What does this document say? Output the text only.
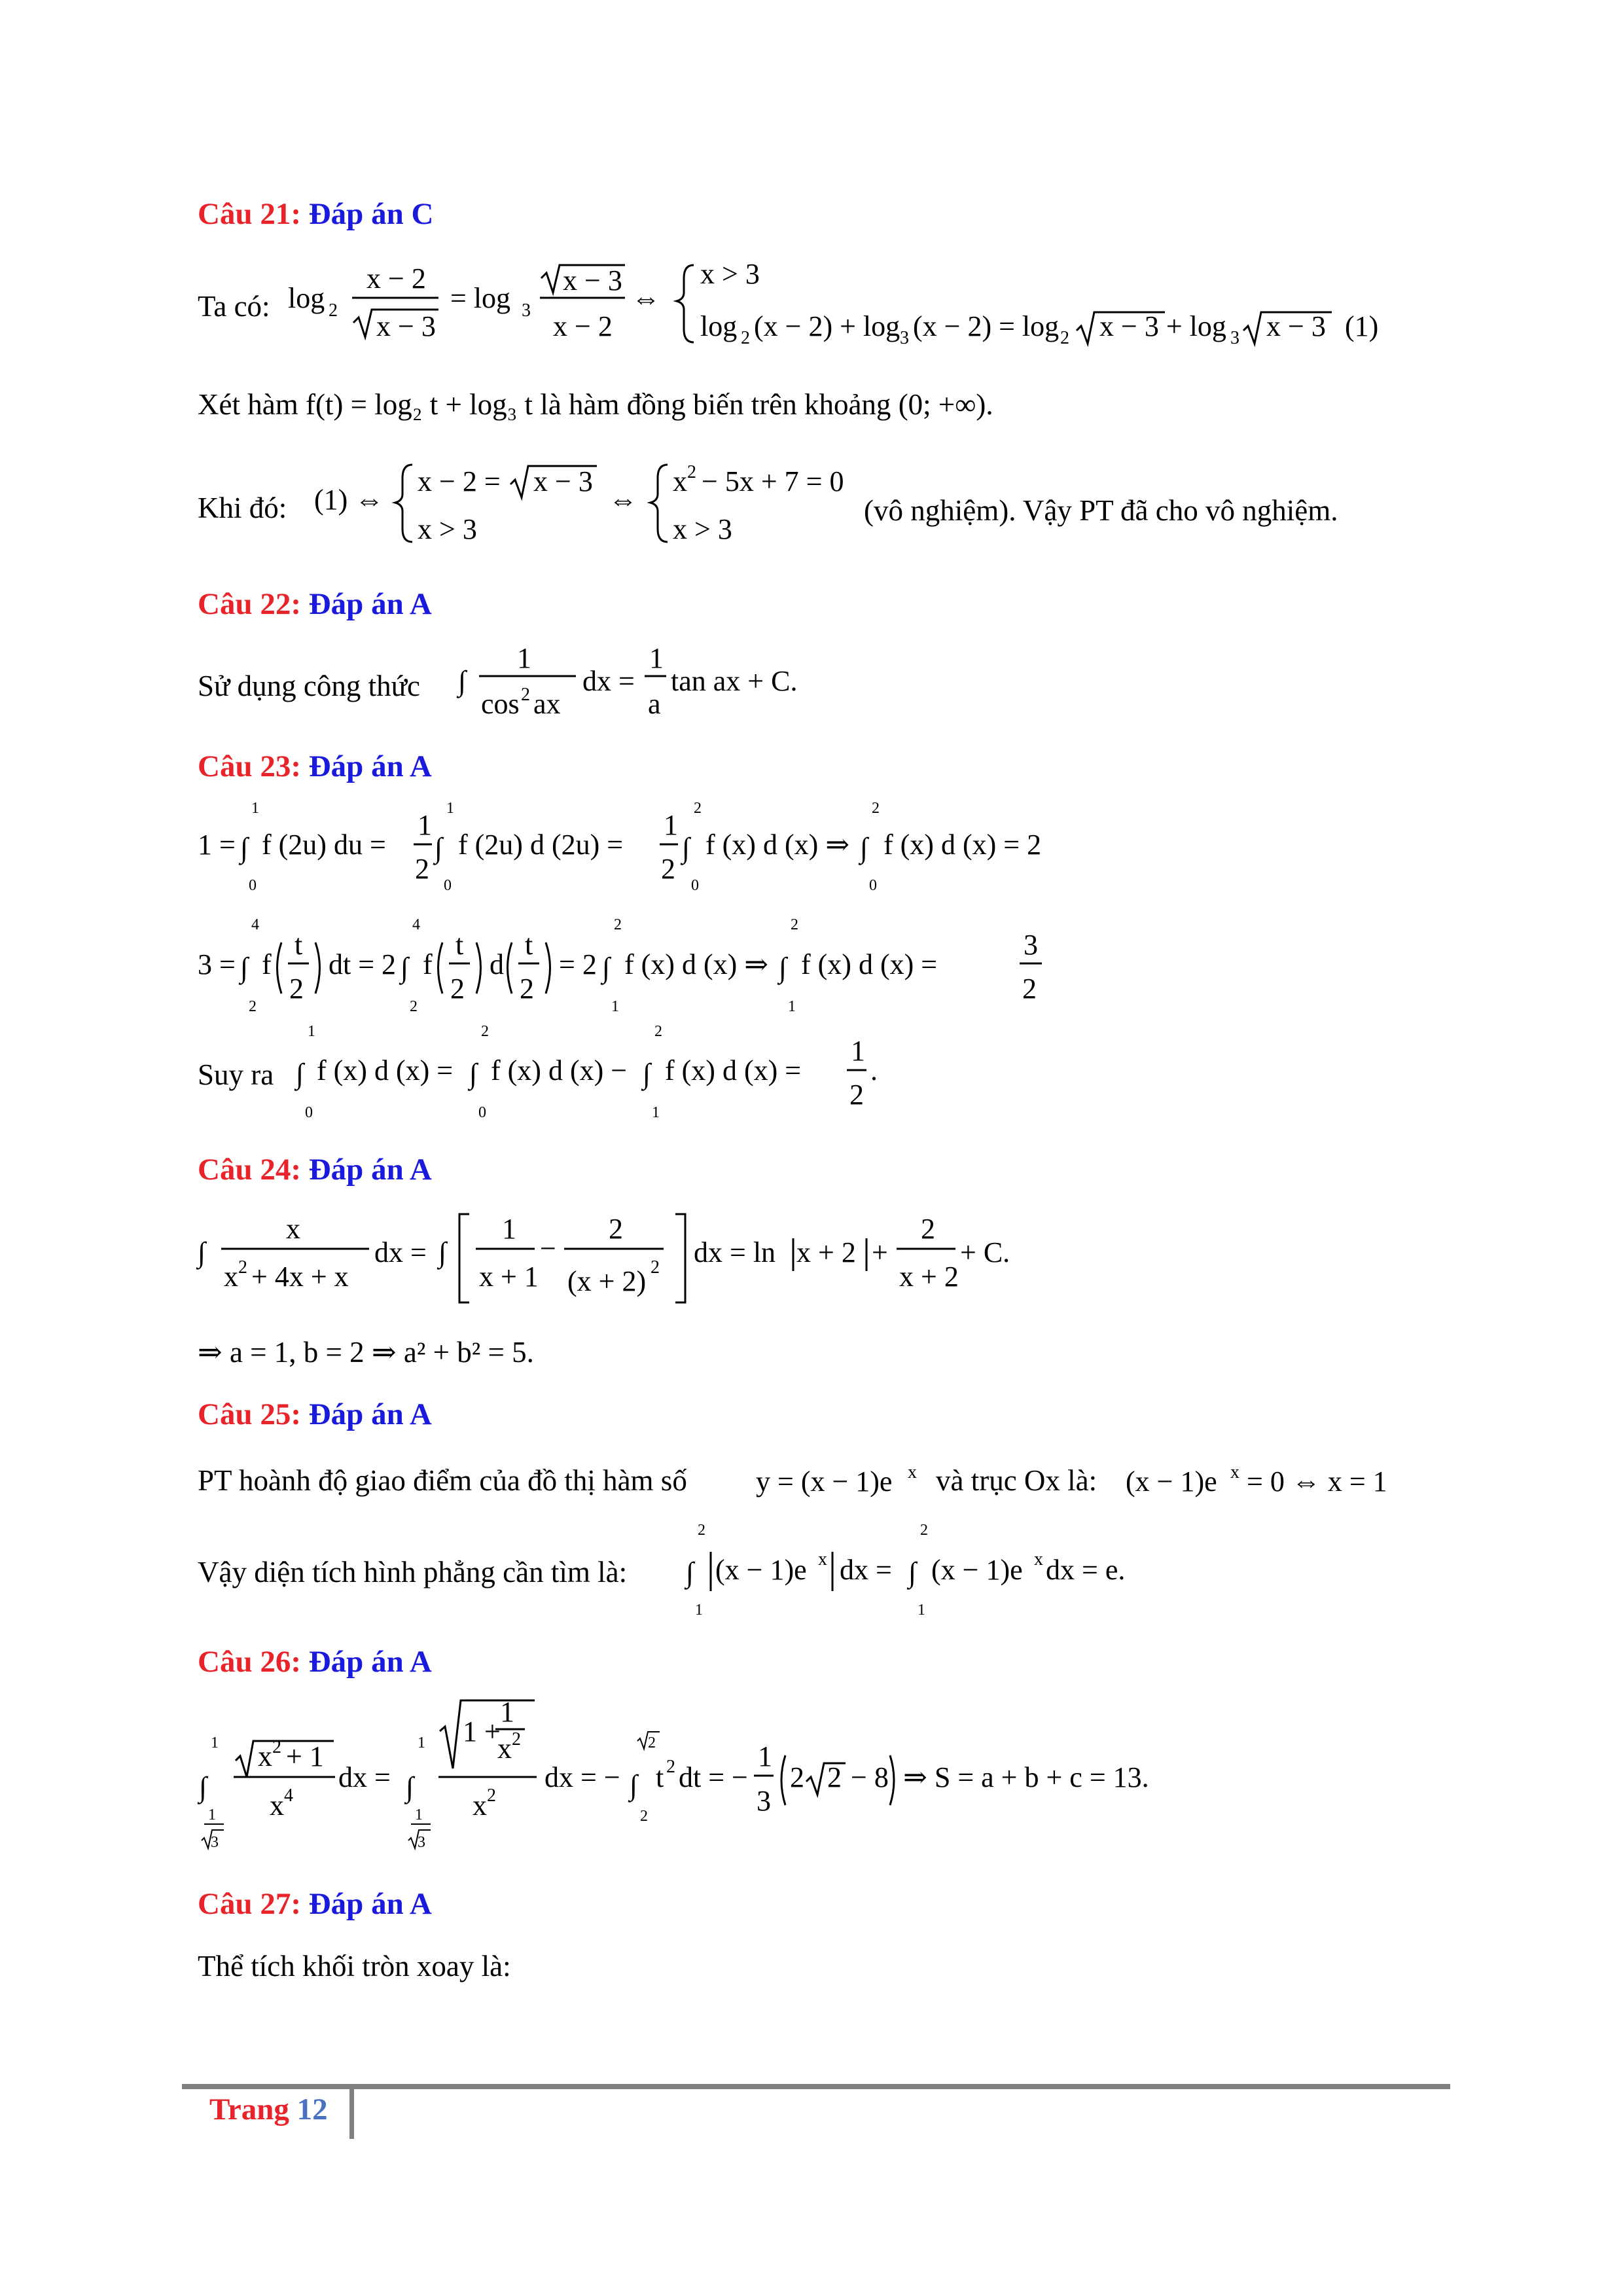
Câu 21: Đáp án C
Ta có: log 2
x − 2
x − 3
= log 3
x − 3
x − 2
⇔
x > 3
log 2 (x − 2) + log 3 (x − 2) = log 2 x − 3 + log 3 x − 3 (1)
Xét hàm f(t) = log₂ t + log₃ t là hàm đồng biến trên khoảng (0; +∞).
Khi đó: (1) ⇔
x − 2 = x − 3
x > 3
⇔
x 2 − 5x + 7 = 0
x > 3
(vô nghiệm). Vậy PT đã cho vô nghiệm.
Câu 22: Đáp án A
Sử dụng công thức ∫
1
cos 2 ax
dx =
1
a
tan ax + C.
Câu 23: Đáp án A
1 = ∫
1
0
f (2u) du =
1
2
∫
1
0
f (2u) d (2u) =
1
2
∫
2
0
f (x) d (x) ⇒ ∫
2
0
f (x) d (x) = 2
3 = ∫
4
2
f
t
2
dt = 2 ∫
4
2
f
t
2
d
t
2
= 2 ∫
2
1
f (x) d (x) ⇒ ∫
2
1
f (x) d (x) =
3
2
Suy ra ∫
1
0
f (x) d (x) = ∫
2
0
f (x) d (x) − ∫
2
1
f (x) d (x) =
1
2
.
Câu 24: Đáp án A
∫
x
x 2 + 4x + x
dx = ∫
1
x + 1
−
2
(x + 2) 2 dx = ln x + 2 +
2
x + 2
+ C.
⇒ a = 1, b = 2 ⇒ a² + b² = 5.
Câu 25: Đáp án A
PT hoành độ giao điểm của đồ thị hàm số y = (x − 1)e x và trục Ox là: (x − 1)e x = 0 ⇔ x = 1
Vậy diện tích hình phẳng cần tìm là: ∫
2
1
(x − 1)e x dx = ∫
2
1
(x − 1)e x dx = e.
Câu 26: Đáp án A
∫
1
1
3
x 2 + 1
x 4
dx = ∫
1
1
3
1 +
1
x 2
x 2
dx = − ∫
2
2
t 2 dt = −
1
3
2 2 − 8 ⇒ S = a + b + c = 13.
Câu 27: Đáp án A
Thể tích khối tròn xoay là:
Trang 12
